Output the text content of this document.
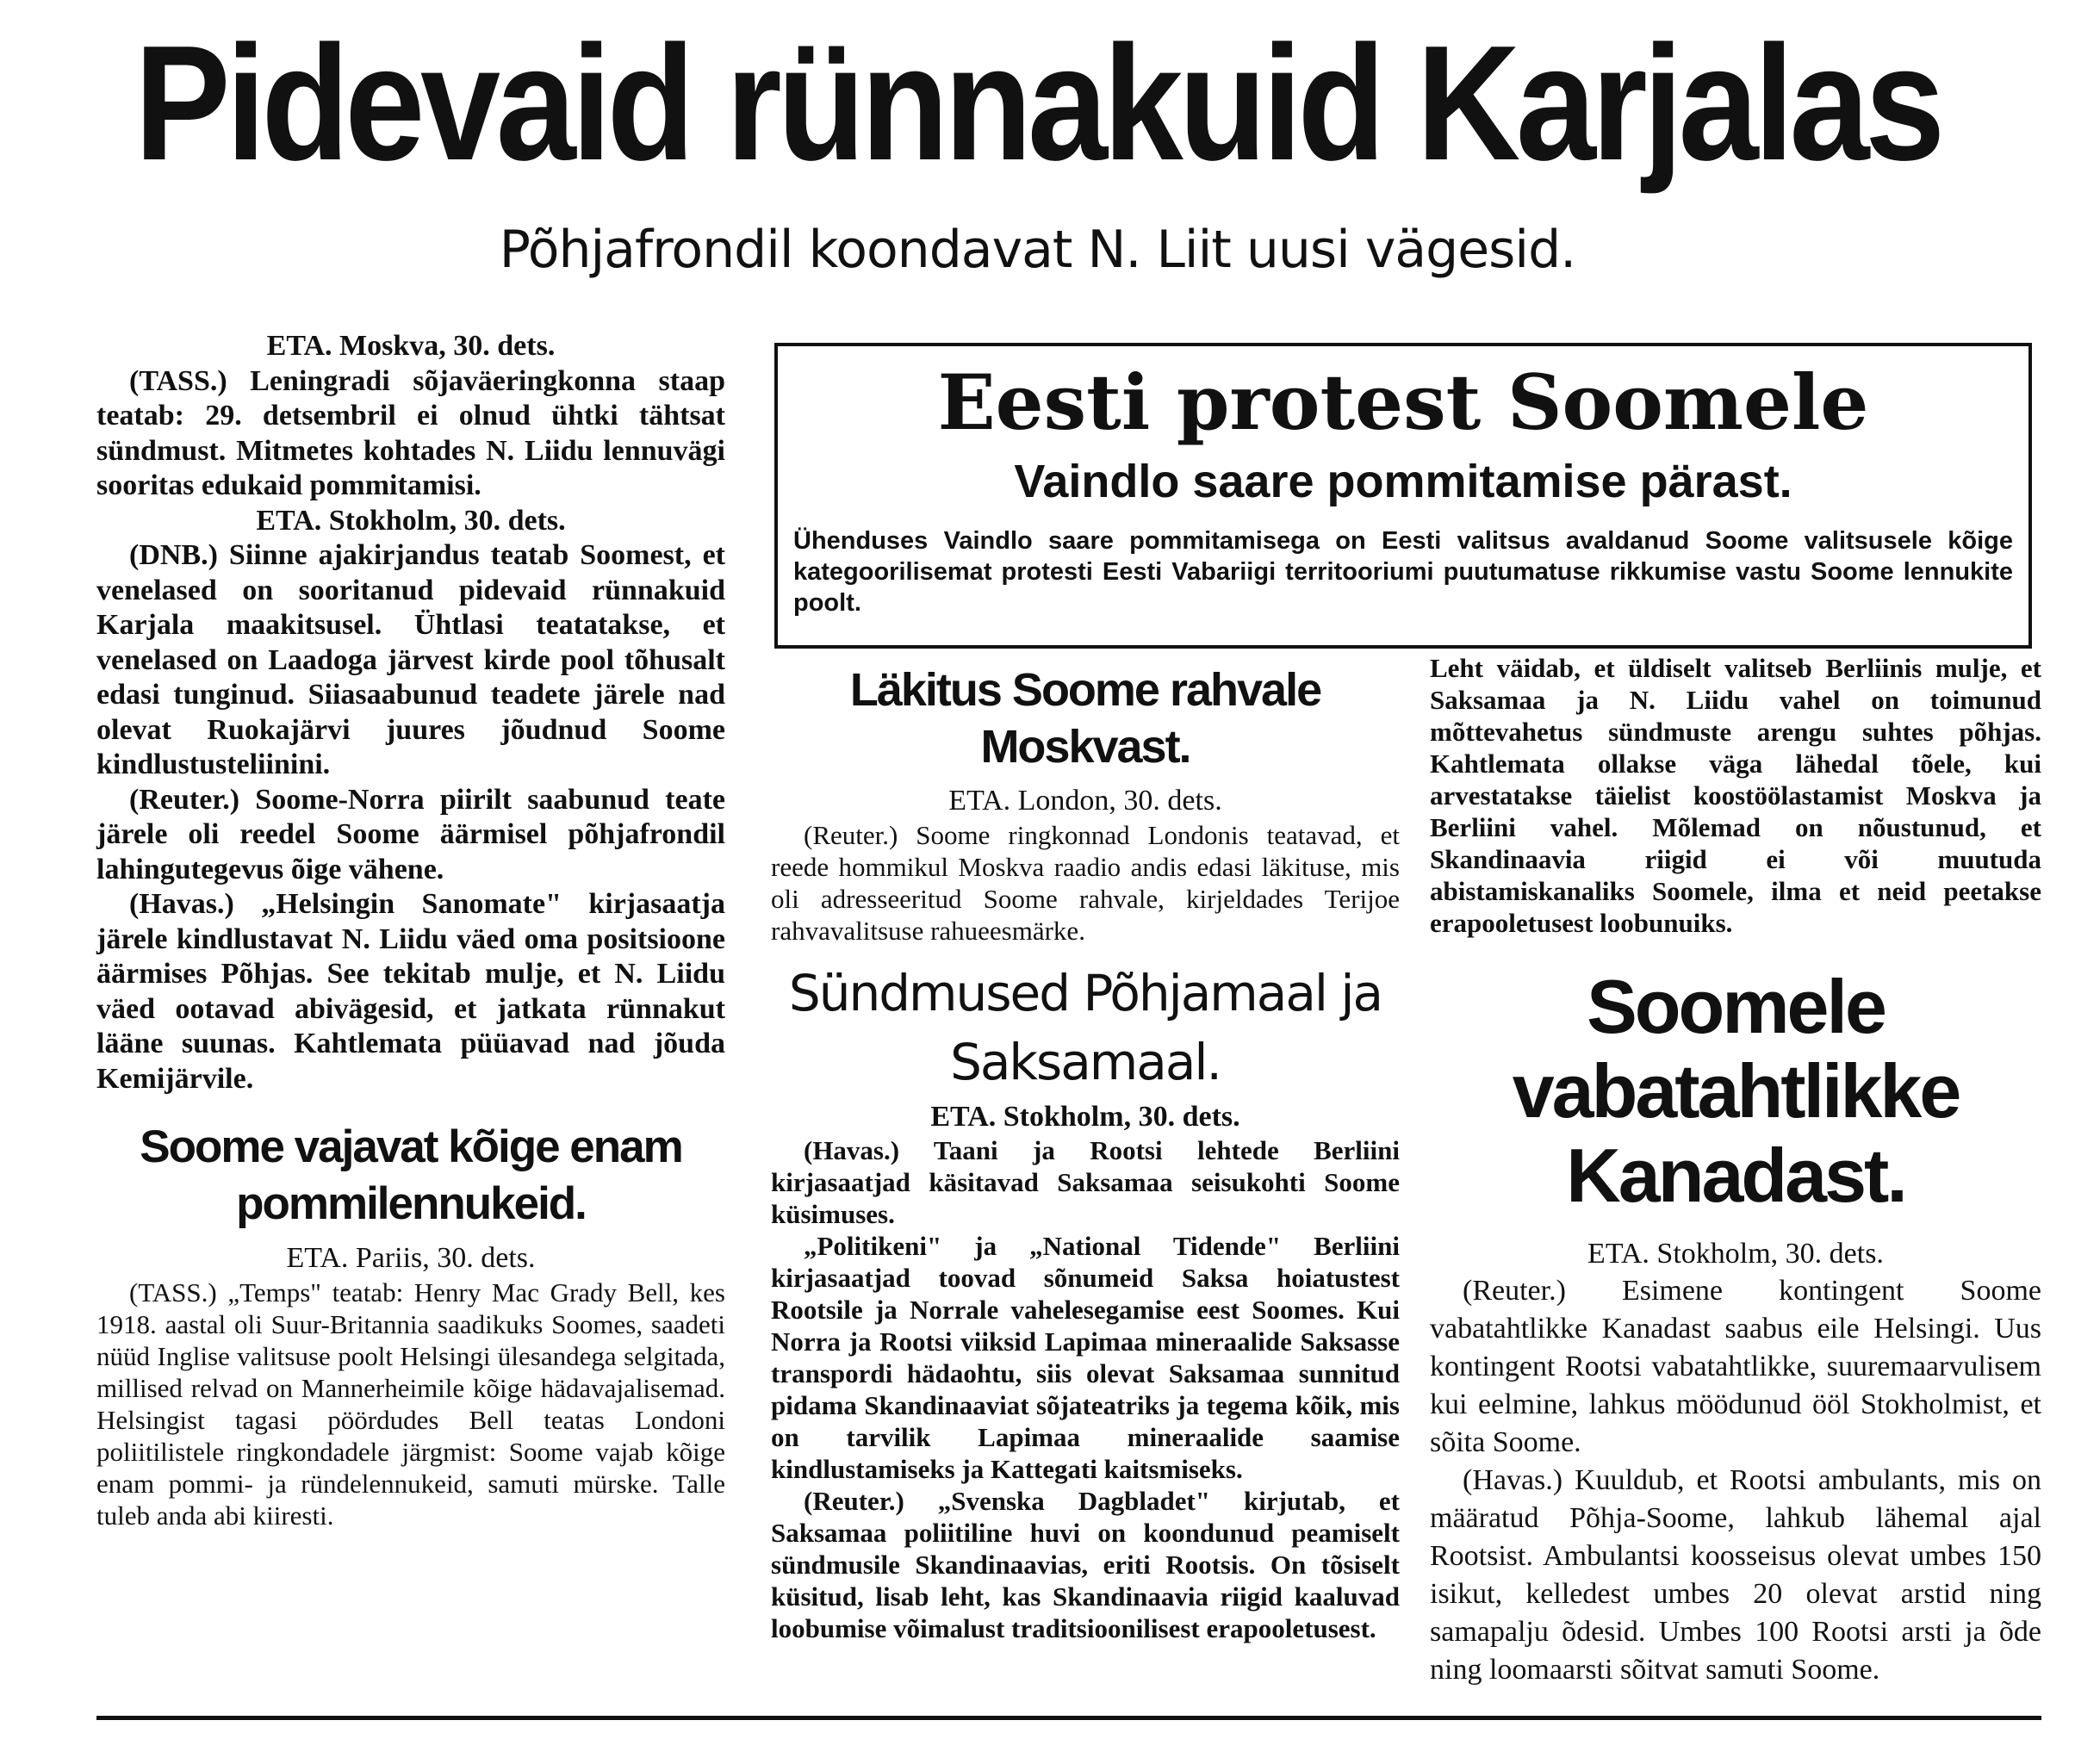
Pidevaid rünnakuid Karjalas
Põhjafrondil koondavat N. Liit uusi vägesid.
ETA. Moskva, 30. dets.

(TASS.) Leningradi sõjaväeringkonna staap teatab: 29. detsembril ei olnud ühtki tähtsat sündmust. Mitmetes kohtades N. Liidu lennuvägi sooritas edukaid pommitamisi.

ETA. Stokholm, 30. dets.

(DNB.) Siinne ajakirjandus teatab Soomest, et venelased on sooritanud pidevaid rünnakuid Karjala maakitsusel. Ühtlasi teatatakse, et venelased on Laadoga järvest kirde pool tõhusalt edasi tunginud. Siiasaabunud teadete järele nad olevat Ruokajärvi juures jõudnud Soome kindlustusteliinini.

(Reuter.) Soome-Norra piirilt saabunud teate järele oli reedel Soome äärmisel põhjafrondil lahingutegevus õige vähene.

(Havas.) „Helsingin Sanomate" kirjasaatja järele kindlustavat N. Liidu väed oma positsioone äärmises Põhjas. See tekitab mulje, et N. Liidu väed ootavad abivägesid, et jatkata rünnakut lääne suunas. Kahtlemata püüavad nad jõuda Kemijärvile.

Soome vajavat kõige enam pommilennukeid.
ETA. Pariis, 30. dets.

(TASS.) „Temps" teatab: Henry Mac Grady Bell, kes 1918. aastal oli Suur-Britannia saadikuks Soomes, saadeti nüüd Inglise valitsuse poolt Helsingi ülesandega selgitada, millised relvad on Mannerheimile kõige hädavajalisemad. Helsingist tagasi pöördudes Bell teatas Londoni poliitilistele ringkondadele järgmist: Soome vajab kõige enam pommi- ja ründelennukeid, samuti mürske. Talle tuleb anda abi kiiresti.

Eesti protest Soomele
Vaindlo saare pommitamise pärast.
Ühenduses Vaindlo saare pommitamisega on Eesti valitsus avaldanud Soome valitsusele kõige kategoorilisemat protesti Eesti Vabariigi territooriumi puutumatuse rikkumise vastu Soome lennukite poolt.
Läkitus Soome rahvale Moskvast.
ETA. London, 30. dets.

(Reuter.) Soome ringkonnad Londonis teatavad, et reede hommikul Moskva raadio andis edasi läkituse, mis oli adresseeritud Soome rahvale, kirjeldades Terijoe rahvavalitsuse rahueesmärke.

Sündmused Põhjamaal ja Saksamaal.
ETA. Stokholm, 30. dets.

(Havas.) Taani ja Rootsi lehtede Berliini kirjasaatjad käsitavad Saksamaa seisukohti Soome küsimuses.

„Politikeni" ja „National Tidende" Berliini kirjasaatjad toovad sõnumeid Saksa hoiatustest Rootsile ja Norrale vahelesegamise eest Soomes. Kui Norra ja Rootsi viiksid Lapimaa mineraalide Saksasse transpordi hädaohtu, siis olevat Saksamaa sunnitud pidama Skandinaaviat sõjateatriks ja tegema kõik, mis on tarvilik Lapimaa mineraalide saamise kindlustamiseks ja Kattegati kaitsmiseks.

(Reuter.) „Svenska Dagbladet" kirjutab, et Saksamaa poliitiline huvi on koondunud peamiselt sündmusile Skandinaavias, eriti Rootsis. On tõsiselt küsitud, lisab leht, kas Skandinaavia riigid kaaluvad loobumise võimalust traditsioonilisest erapooletusest.

Leht väidab, et üldiselt valitseb Berliinis mulje, et Saksamaa ja N. Liidu vahel on toimunud mõttevahetus sündmuste arengu suhtes põhjas. Kahtlemata ollakse väga lähedal tõele, kui arvestatakse täielist koostöölastamist Moskva ja Berliini vahel. Mõlemad on nõustunud, et Skandinaavia riigid ei või muutuda abistamiskanaliks Soomele, ilma et neid peetakse erapooletusest loobunuiks.

Soomele vabatahtlikke Kanadast.
ETA. Stokholm, 30. dets.

(Reuter.) Esimene kontingent Soome vabatahtlikke Kanadast saabus eile Helsingi. Uus kontingent Rootsi vabatahtlikke, suuremaarvulisem kui eelmine, lahkus möödunud ööl Stokholmist, et sõita Soome.

(Havas.) Kuuldub, et Rootsi ambulants, mis on määratud Põhja-Soome, lahkub lähemal ajal Rootsist. Ambulantsi koosseisus olevat umbes 150 isikut, kelledest umbes 20 olevat arstid ning samapalju õdesid. Umbes 100 Rootsi arsti ja õde ning loomaarsti sõitvat samuti Soome.
